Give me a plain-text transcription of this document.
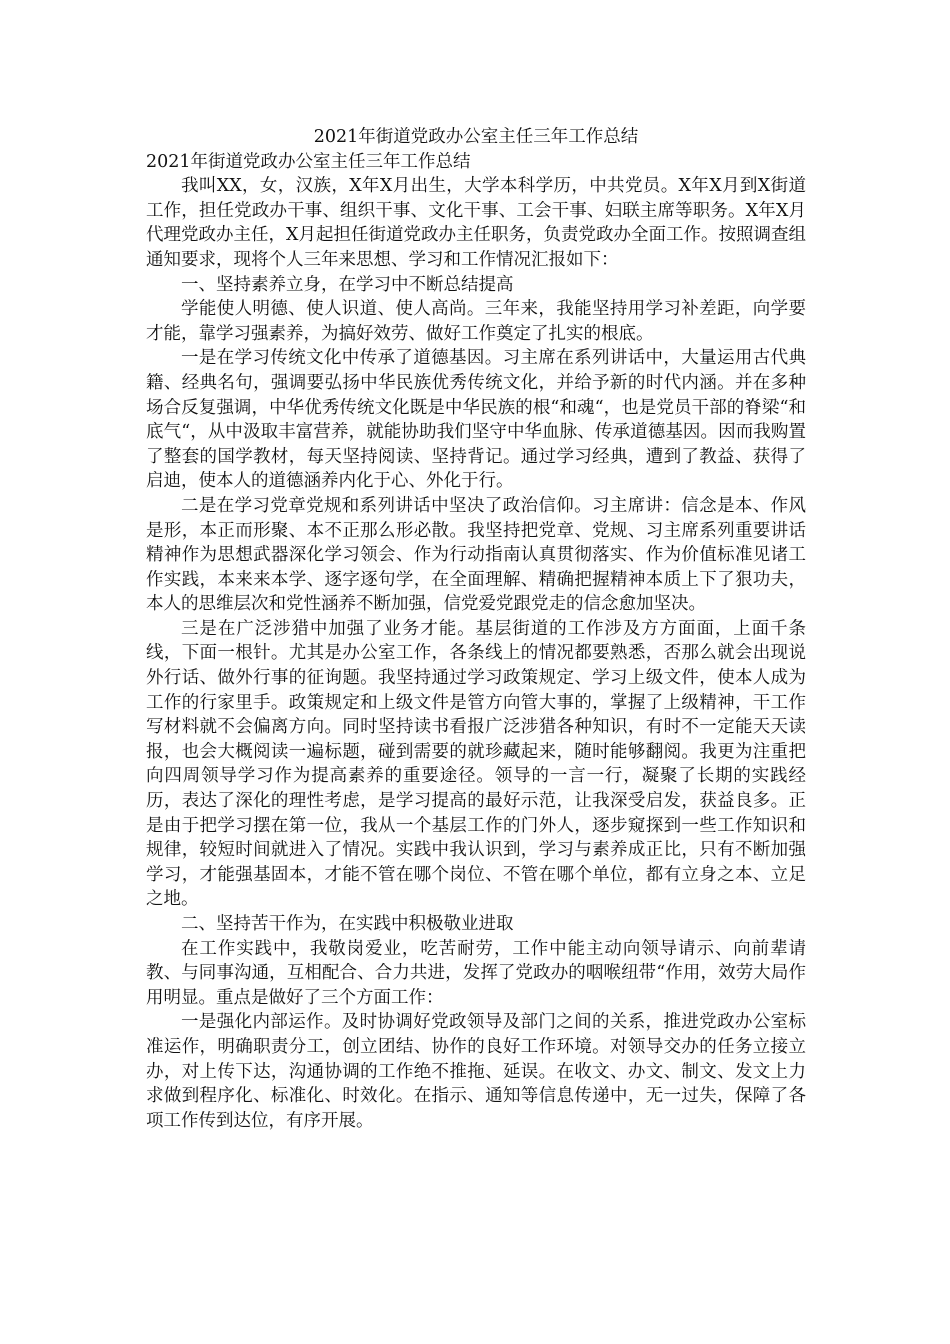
2021年街道党政办公室主任三年工作总结

2021年街道党政办公室主任三年工作总结

我叫XX，女，汉族，X年X月出生，大学本科学历，中共党员。X年X月到X街道工作，担任党政办干事、组织干事、文化干事、工会干事、妇联主席等职务。X年X月代理党政办主任，X月起担任街道党政办主任职务，负责党政办全面工作。按照调查组通知要求，现将个人三年来思想、学习和工作情况汇报如下：

一、坚持素养立身，在学习中不断总结提高

学能使人明德、使人识道、使人高尚。三年来，我能坚持用学习补差距，向学要才能，靠学习强素养，为搞好效劳、做好工作奠定了扎实的根底。

一是在学习传统文化中传承了道德基因。习主席在系列讲话中，大量运用古代典籍、经典名句，强调要弘扬中华民族优秀传统文化，并给予新的时代内涵。并在多种场合反复强调，中华优秀传统文化既是中华民族的根“和魂“，也是党员干部的脊梁“和底气“，从中汲取丰富营养，就能协助我们坚守中华血脉、传承道德基因。因而我购置了整套的国学教材，每天坚持阅读、坚持背记。通过学习经典，遭到了教益、获得了启迪，使本人的道德涵养内化于心、外化于行。

二是在学习党章党规和系列讲话中坚决了政治信仰。习主席讲：信念是本、作风是形，本正而形聚、本不正那么形必散。我坚持把党章、党规、习主席系列重要讲话精神作为思想武器深化学习领会、作为行动指南认真贯彻落实、作为价值标准见诸工作实践，本来来本学、逐字逐句学，在全面理解、精确把握精神本质上下了狠功夫，本人的思维层次和党性涵养不断加强，信党爱党跟党走的信念愈加坚决。

三是在广泛涉猎中加强了业务才能。基层街道的工作涉及方方面面，上面千条线，下面一根针。尤其是办公室工作，各条线上的情况都要熟悉，否那么就会出现说外行话、做外行事的征询题。我坚持通过学习政策规定、学习上级文件，使本人成为工作的行家里手。政策规定和上级文件是管方向管大事的，掌握了上级精神，干工作写材料就不会偏离方向。同时坚持读书看报广泛涉猎各种知识，有时不一定能天天读报，也会大概阅读一遍标题，碰到需要的就珍藏起来，随时能够翻阅。我更为注重把向四周领导学习作为提高素养的重要途径。领导的一言一行，凝聚了长期的实践经历，表达了深化的理性考虑，是学习提高的最好示范，让我深受启发，获益良多。正是由于把学习摆在第一位，我从一个基层工作的门外人，逐步窥探到一些工作知识和规律，较短时间就进入了情况。实践中我认识到，学习与素养成正比，只有不断加强学习，才能强基固本，才能不管在哪个岗位、不管在哪个单位，都有立身之本、立足之地。

二、坚持苦干作为，在实践中积极敬业进取

在工作实践中，我敬岗爱业，吃苦耐劳，工作中能主动向领导请示、向前辈请教、与同事沟通，互相配合、合力共进，发挥了党政办的咽喉纽带“作用，效劳大局作用明显。重点是做好了三个方面工作：

一是强化内部运作。及时协调好党政领导及部门之间的关系，推进党政办公室标准运作，明确职责分工，创立团结、协作的良好工作环境。对领导交办的任务立接立办，对上传下达，沟通协调的工作绝不推拖、延误。在收文、办文、制文、发文上力求做到程序化、标准化、时效化。在指示、通知等信息传递中，无一过失，保障了各项工作传到达位，有序开展。
